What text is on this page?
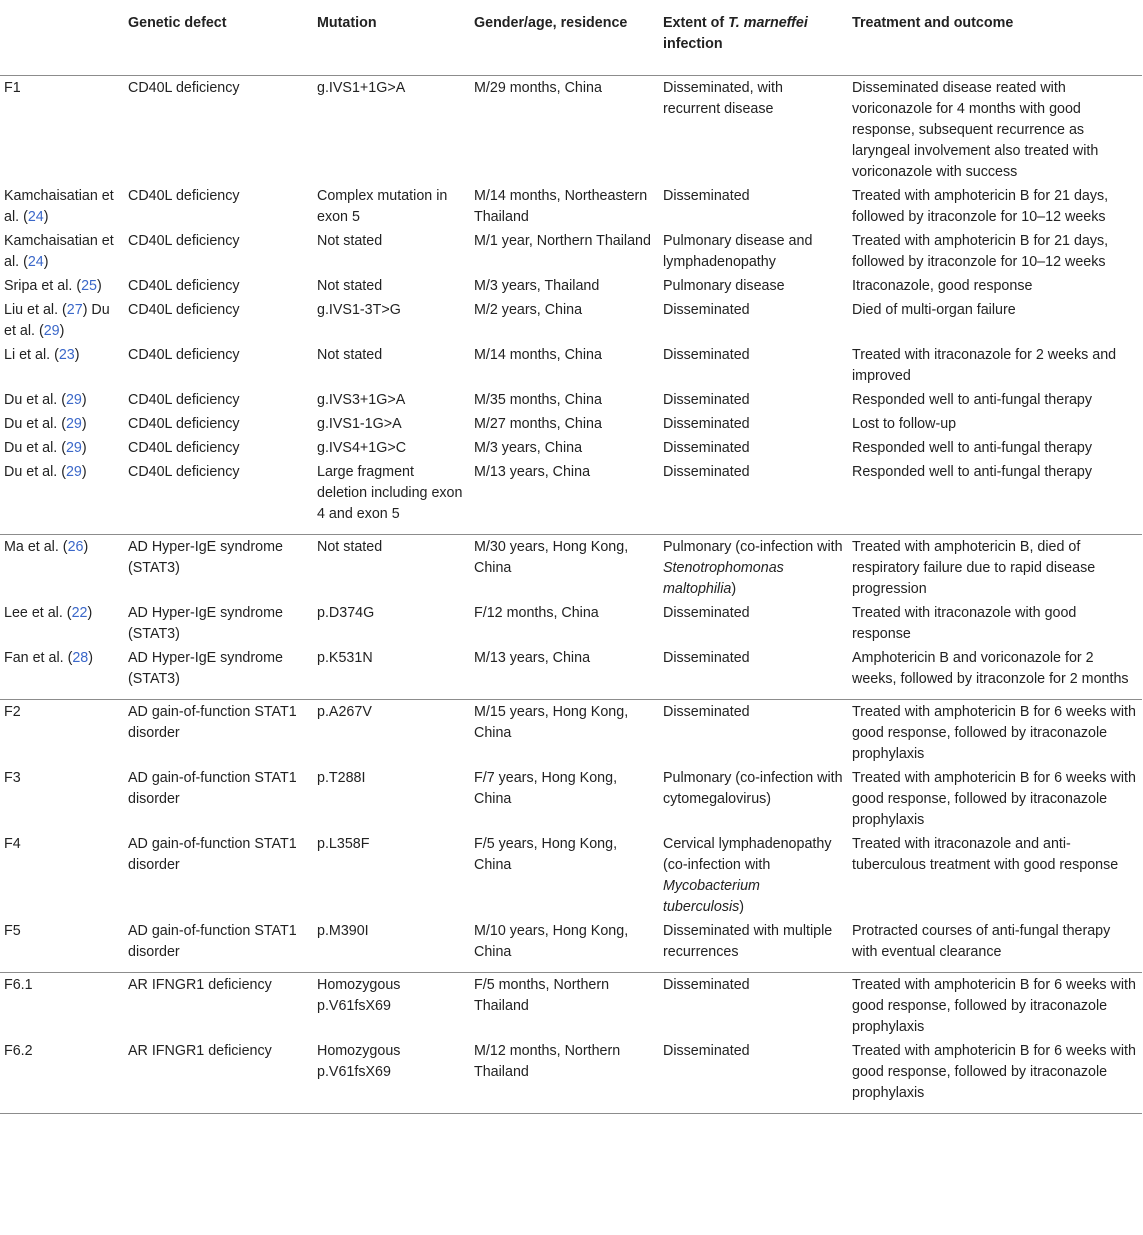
	Genetic defect	Mutation	Gender/age, residence	Extent of T. marneffei infection	Treatment and outcome
F1	CD40L deficiency	g.IVS1+1G>A	M/29 months, China	Disseminated, with recurrent disease	Disseminated disease reated with voriconazole for 4 months with good response, subsequent recurrence as laryngeal involvement also treated with voriconazole with success
Kamchaisatian et al. (24)	CD40L deficiency	Complex mutation in exon 5	M/14 months, Northeastern Thailand	Disseminated	Treated with amphotericin B for 21 days, followed by itraconzole for 10–12 weeks
Kamchaisatian et al. (24)	CD40L deficiency	Not stated	M/1 year, Northern Thailand	Pulmonary disease and lymphadenopathy	Treated with amphotericin B for 21 days, followed by itraconzole for 10–12 weeks
Sripa et al. (25)	CD40L deficiency	Not stated	M/3 years, Thailand	Pulmonary disease	Itraconazole, good response
Liu et al. (27) Du et al. (29)	CD40L deficiency	g.IVS1-3T>G	M/2 years, China	Disseminated	Died of multi-organ failure
Li et al. (23)	CD40L deficiency	Not stated	M/14 months, China	Disseminated	Treated with itraconazole for 2 weeks and improved
Du et al. (29)	CD40L deficiency	g.IVS3+1G>A	M/35 months, China	Disseminated	Responded well to anti-fungal therapy
Du et al. (29)	CD40L deficiency	g.IVS1-1G>A	M/27 months, China	Disseminated	Lost to follow-up
Du et al. (29)	CD40L deficiency	g.IVS4+1G>C	M/3 years, China	Disseminated	Responded well to anti-fungal therapy
Du et al. (29)	CD40L deficiency	Large fragment deletion including exon 4 and exon 5	M/13 years, China	Disseminated	Responded well to anti-fungal therapy
Ma et al. (26)	AD Hyper-IgE syndrome (STAT3)	Not stated	M/30 years, Hong Kong, China	Pulmonary (co-infection with Stenotrophomonas maltophilia)	Treated with amphotericin B, died of respiratory failure due to rapid disease progression
Lee et al. (22)	AD Hyper-IgE syndrome (STAT3)	p.D374G	F/12 months, China	Disseminated	Treated with itraconazole with good response
Fan et al. (28)	AD Hyper-IgE syndrome (STAT3)	p.K531N	M/13 years, China	Disseminated	Amphotericin B and voriconazole for 2 weeks, followed by itraconzole for 2 months
F2	AD gain-of-function STAT1 disorder	p.A267V	M/15 years, Hong Kong, China	Disseminated	Treated with amphotericin B for 6 weeks with good response, followed by itraconazole prophylaxis
F3	AD gain-of-function STAT1 disorder	p.T288I	F/7 years, Hong Kong, China	Pulmonary (co-infection with cytomegalovirus)	Treated with amphotericin B for 6 weeks with good response, followed by itraconazole prophylaxis
F4	AD gain-of-function STAT1 disorder	p.L358F	F/5 years, Hong Kong, China	Cervical lymphadenopathy (co-infection with Mycobacterium tuberculosis)	Treated with itraconazole and anti-tuberculous treatment with good response
F5	AD gain-of-function STAT1 disorder	p.M390I	M/10 years, Hong Kong, China	Disseminated with multiple recurrences	Protracted courses of anti-fungal therapy with eventual clearance
F6.1	AR IFNGR1 deficiency	Homozygous p.V61fsX69	F/5 months, Northern Thailand	Disseminated	Treated with amphotericin B for 6 weeks with good response, followed by itraconazole prophylaxis
F6.2	AR IFNGR1 deficiency	Homozygous p.V61fsX69	M/12 months, Northern Thailand	Disseminated	Treated with amphotericin B for 6 weeks with good response, followed by itraconazole prophylaxis
